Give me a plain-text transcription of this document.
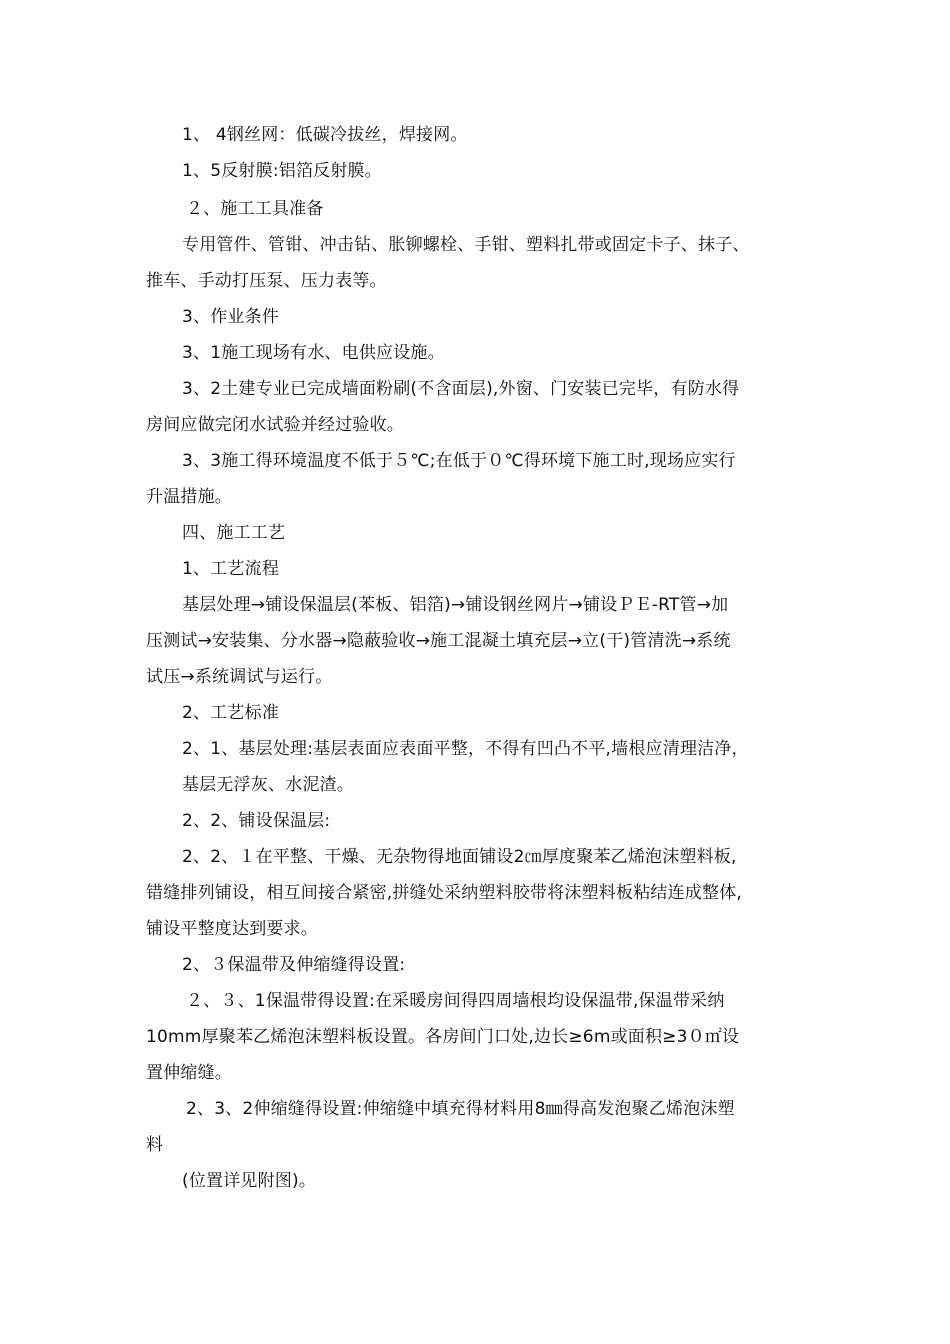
1、 4钢丝网：低碳冷拔丝，焊接网。
1、5反射膜:铝箔反射膜。
２、施工工具准备
专用管件、管钳、冲击钻、胀铆螺栓、手钳、塑料扎带或固定卡子、抹子、
推车、手动打压泵、压力表等。
3、作业条件
3、1施工现场有水、电供应设施。
3、2土建专业已完成墙面粉刷(不含面层),外窗、门安装已完毕，有防水得
房间应做完闭水试验并经过验收。
3、3施工得环境温度不低于５℃;在低于０℃得环境下施工时,现场应实行
升温措施。
四、施工工艺
1、工艺流程
基层处理→铺设保温层(苯板、铝箔)→铺设钢丝网片→铺设ＰＥ-RT管→加
压测试→安装集、分水器→隐蔽验收→施工混凝土填充层→立(干)管清洗→系统
试压→系统调试与运行。
2、工艺标准
2、1、基层处理:基层表面应表面平整，不得有凹凸不平,墙根应清理洁净，
基层无浮灰、水泥渣。
2、2、铺设保温层:
2、2、１在平整、干燥、无杂物得地面铺设2㎝厚度聚苯乙烯泡沫塑料板,
错缝排列铺设，相互间接合紧密,拼缝处采纳塑料胶带将沫塑料板粘结连成整体,
铺设平整度达到要求。
2、３保温带及伸缩缝得设置:
２、３、1保温带得设置:在采暖房间得四周墙根均设保温带,保温带采纳
10mm厚聚苯乙烯泡沫塑料板设置。各房间门口处,边长≥6m或面积≥3０㎡设
置伸缩缝。
2、3、2伸缩缝得设置:伸缩缝中填充得材料用8㎜得高发泡聚乙烯泡沫塑
料
(位置详见附图)。
